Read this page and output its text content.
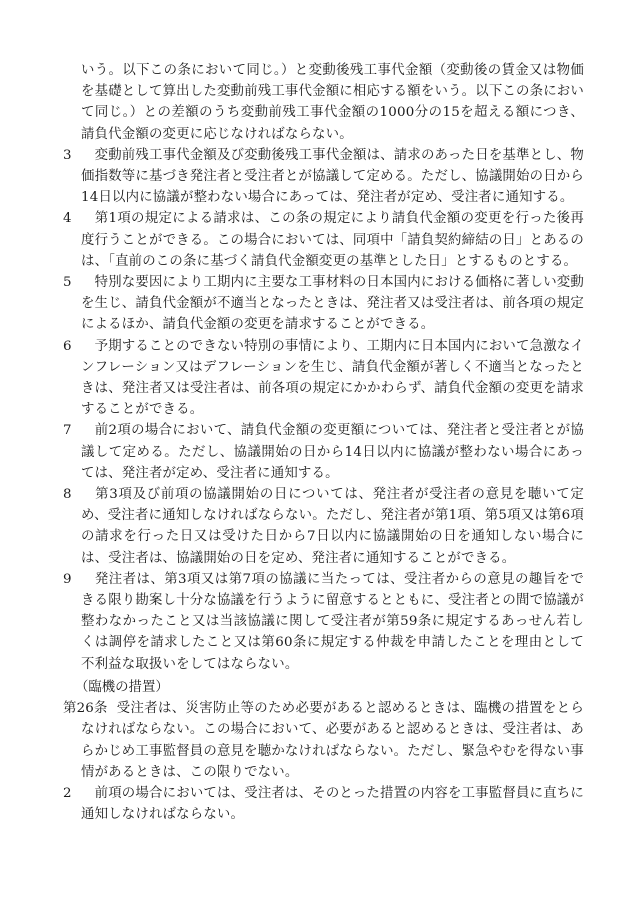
いう。以下この条において同じ。）と変動後残工事代金額（変動後の賃金又は物価を基礎として算出した変動前残工事代金額に相応する額をいう。以下この条において同じ。）との差額のうち変動前残工事代金額の1000分の15を超える額につき、請負代金額の変更に応じなければならない。
3 　変動前残工事代金額及び変動後残工事代金額は、請求のあった日を基準とし、物価指数等に基づき発注者と受注者とが協議して定める。ただし、協議開始の日から14日以内に協議が整わない場合にあっては、発注者が定め、受注者に通知する。
4 　第1項の規定による請求は、この条の規定により請負代金額の変更を行った後再度行うことができる。この場合においては、同項中「請負契約締結の日」とあるのは、「直前のこの条に基づく請負代金額変更の基準とした日」とするものとする。
5 　特別な要因により工期内に主要な工事材料の日本国内における価格に著しい変動を生じ、請負代金額が不適当となったときは、発注者又は受注者は、前各項の規定によるほか、請負代金額の変更を請求することができる。
6 　予期することのできない特別の事情により、工期内に日本国内において急激なインフレーション又はデフレーションを生じ、請負代金額が著しく不適当となったときは、発注者又は受注者は、前各項の規定にかかわらず、請負代金額の変更を請求することができる。
7 　前2項の場合において、請負代金額の変更額については、発注者と受注者とが協議して定める。ただし、協議開始の日から14日以内に協議が整わない場合にあっては、発注者が定め、受注者に通知する。
8 　第3項及び前項の協議開始の日については、発注者が受注者の意見を聴いて定め、受注者に通知しなければならない。ただし、発注者が第1項、第5項又は第6項の請求を行った日又は受けた日から7日以内に協議開始の日を通知しない場合には、受注者は、協議開始の日を定め、発注者に通知することができる。
9 　発注者は、第3項又は第7項の協議に当たっては、受注者からの意見の趣旨をできる限り勘案し十分な協議を行うように留意するとともに、受注者との間で協議が整わなかったこと又は当該協議に関して受注者が第59条に規定するあっせん若しくは調停を請求したこと又は第60条に規定する仲裁を申請したことを理由として不利益な取扱いをしてはならない。
（臨機の措置）
第26条
　受注者は、災害防止等のため必要があると認めるときは、臨機の措置をとらなければならない。この場合において、必要があると認めるときは、受注者は、あらかじめ工事監督員の意見を聴かなければならない。ただし、緊急やむを得ない事情があるときは、この限りでない。
2 　前項の場合においては、受注者は、そのとった措置の内容を工事監督員に直ちに通知しなければならない。
